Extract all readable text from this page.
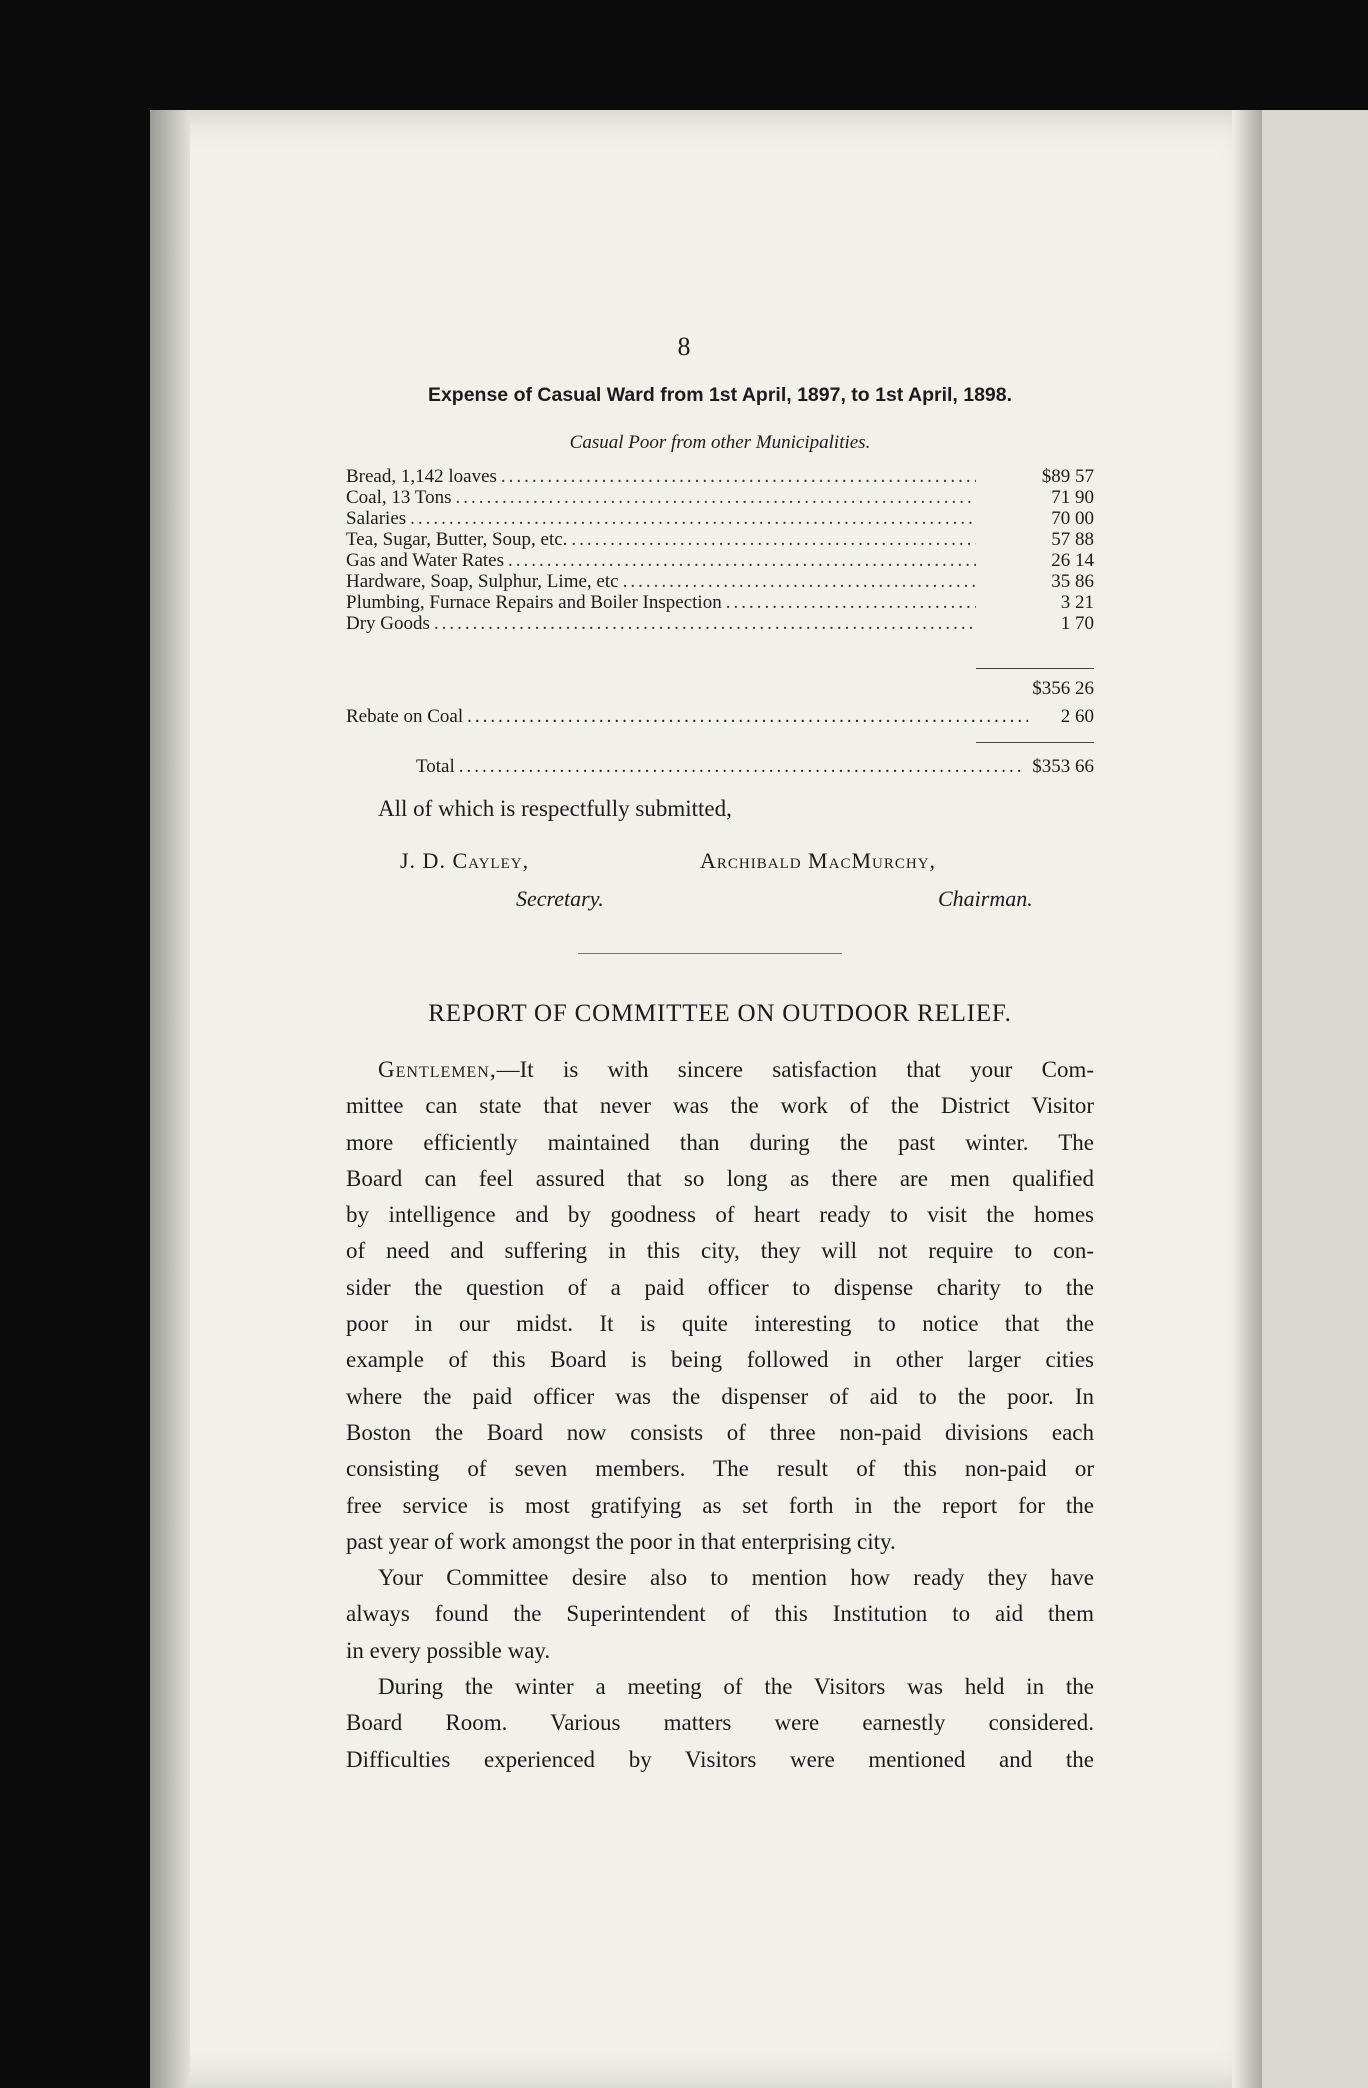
8
Expense of Casual Ward from 1st April, 1897, to 1st April, 1898.
Casual Poor from other Municipalities.
Bread, 1,142 loaves .....	$89 57
Coal, 13 Tons .....	71 90
Salaries .....	70 00
Tea, Sugar, Butter, Soup, etc. .....	57 88
Gas and Water Rates .....	26 14
Hardware, Soap, Sulphur, Lime, etc .....	35 86
Plumbing, Furnace Repairs and Boiler Inspection .....	3 21
Dry Goods .....	1 70
$356 26
Rebate on Coal .....	2 60
Total .....	$353 66
All of which is respectfully submitted,
J. D. Cayley,	Archibald MacMurchy,
Secretary.	Chairman.
REPORT OF COMMITTEE ON OUTDOOR RELIEF.
Gentlemen,—It is with sincere satisfaction that your Com-
mittee can state that never was the work of the District Visitor
more efficiently maintained than during the past winter. The
Board can feel assured that so long as there are men qualified
by intelligence and by goodness of heart ready to visit the homes
of need and suffering in this city, they will not require to con-
sider the question of a paid officer to dispense charity to the
poor in our midst. It is quite interesting to notice that the
example of this Board is being followed in other larger cities
where the paid officer was the dispenser of aid to the poor. In
Boston the Board now consists of three non-paid divisions each
consisting of seven members. The result of this non-paid or
free service is most gratifying as set forth in the report for the
past year of work amongst the poor in that enterprising city.
Your Committee desire also to mention how ready they have
always found the Superintendent of this Institution to aid them
in every possible way.
During the winter a meeting of the Visitors was held in the
Board Room. Various matters were earnestly considered.
Difficulties experienced by Visitors were mentioned and the
